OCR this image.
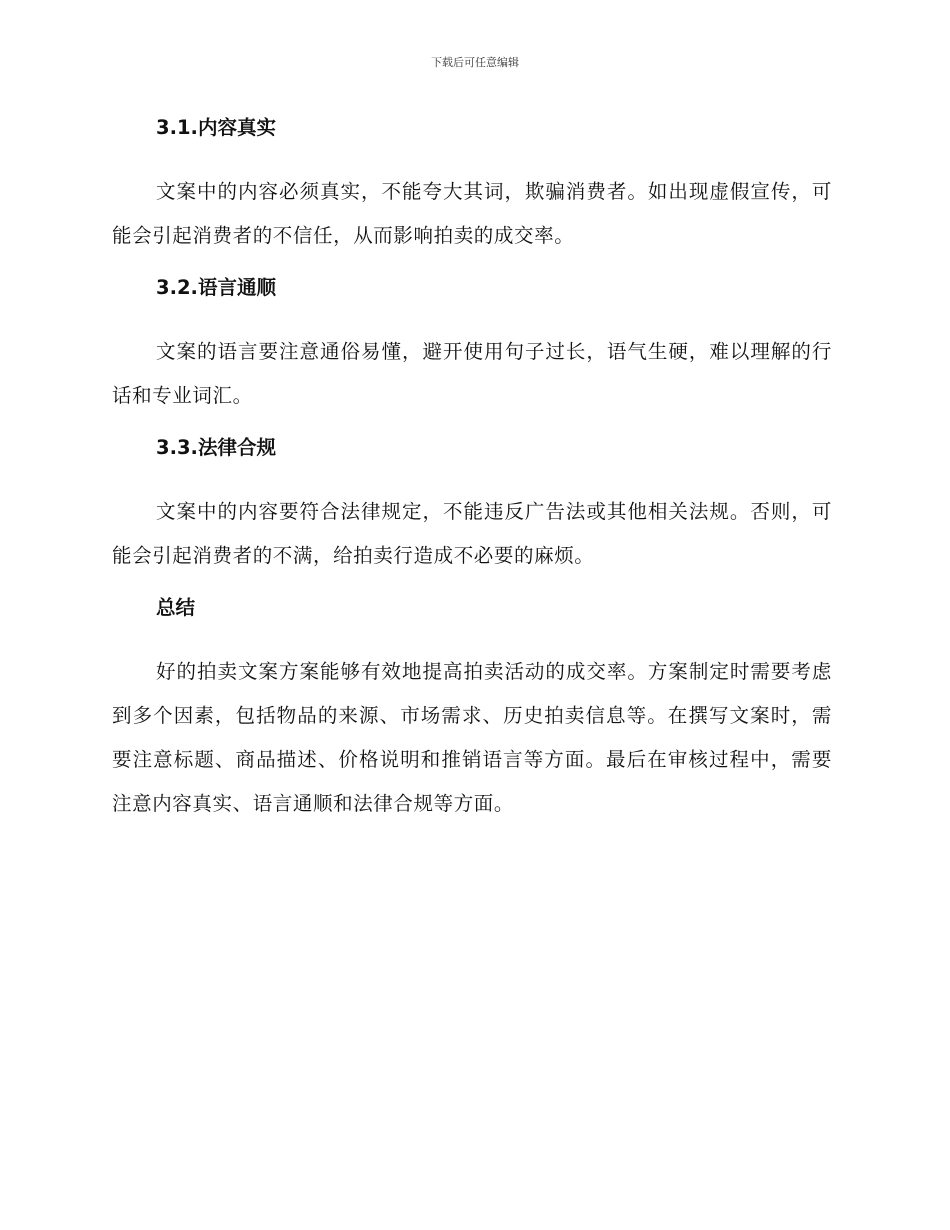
下载后可任意编辑
3.1.内容真实

文案中的内容必须真实，不能夸大其词，欺骗消费者。如出现虚假宣传，可能会引起消费者的不信任，从而影响拍卖的成交率。

3.2.语言通顺

文案的语言要注意通俗易懂，避开使用句子过长，语气生硬，难以理解的行话和专业词汇。

3.3.法律合规

文案中的内容要符合法律规定，不能违反广告法或其他相关法规。否则，可能会引起消费者的不满，给拍卖行造成不必要的麻烦。

总结

好的拍卖文案方案能够有效地提高拍卖活动的成交率。方案制定时需要考虑到多个因素，包括物品的来源、市场需求、历史拍卖信息等。在撰写文案时，需要注意标题、商品描述、价格说明和推销语言等方面。最后在审核过程中，需要注意内容真实、语言通顺和法律合规等方面。
